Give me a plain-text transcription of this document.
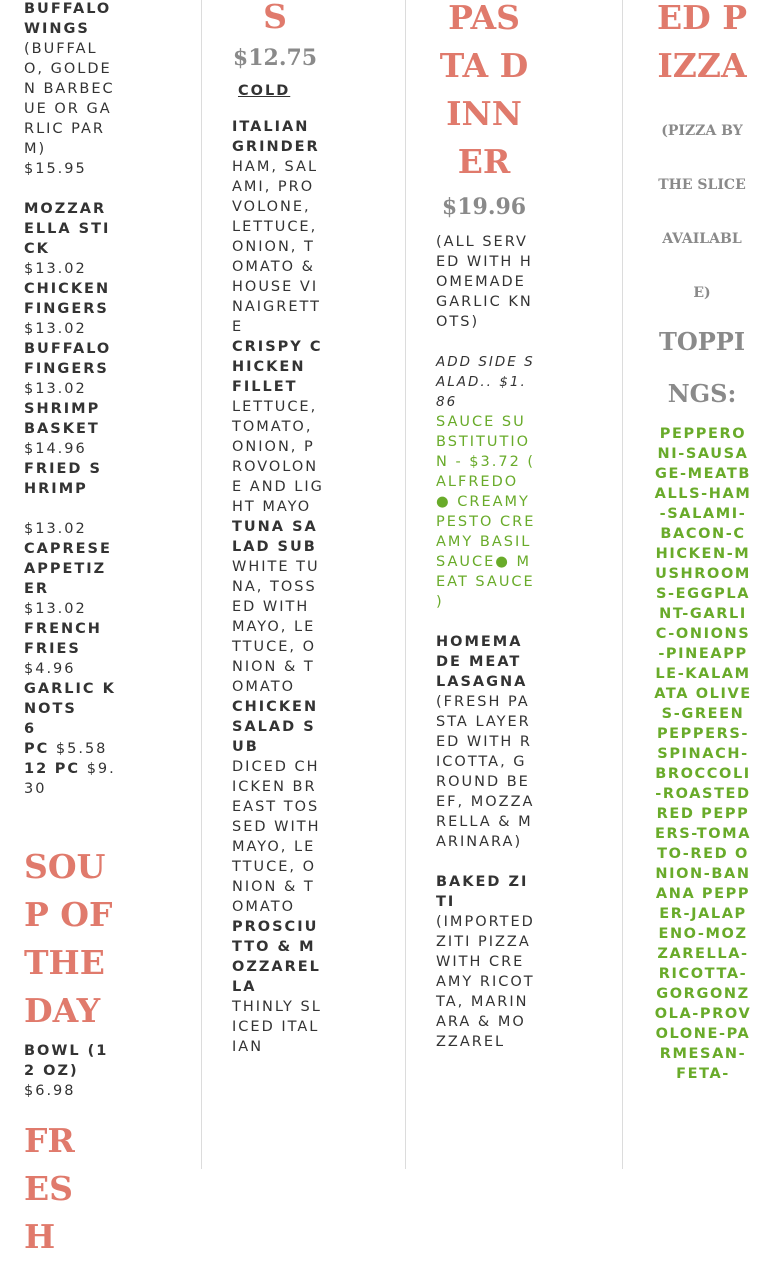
BUFFALO WINGS (BUFFALO, GOLDEN BARBECUE OR GARLIC PARM)
$15.95
MOZZARELLA STICK
$13.02
CHICKEN FINGERS
$13.02
BUFFALO FINGERS
$13.02
SHRIMP BASKET
$14.96
FRIED SHRIMP
$13.02
CAPRESE APPETIZER
$13.02
FRENCH FRIES
$4.96
GARLIC KNOTS
6
PC $5.58 12 PC $9.30
SOUP OF THE DAY
BOWL (12 OZ)
$6.98
FRESH
S
$12.75
COLD
ITALIAN GRINDER
HAM, SALAMI, PROVOLONE, LETTUCE, ONION, TOMATO & HOUSE VINAIGRETTE
CRISPY CHICKEN FILLET
LETTUCE, TOMATO, ONION, PROVOLONE AND LIGHT MAYO
TUNA SALAD SUB
WHITE TUNA, TOSSED WITH MAYO, LETTUCE, ONION & TOMATO
CHICKEN SALAD SUB
DICED CHICKEN BREAST TOSSED WITH MAYO, LETTUCE, ONION & TOMATO
PROSCIUTTO & MOZZARELLA
THINLY SLICED ITALIAN
PASTA DINNER
$19.96
(ALL SERVED WITH HOMEMADE GARLIC KNOTS)
ADD SIDE SALAD.. $1.86
SAUCE SUBSTITUTION - $3.72 ( ALFREDO ● CREAMY PESTO CREAMY BASIL SAUCE● MEAT SAUCE )
HOMEMADE MEAT LASAGNA
(FRESH PASTA LAYERED WITH RICOTTA, GROUND BEEF, MOZZARELLA & MARINARA)
BAKED ZITI
(IMPORTED ZITI PIZZA WITH CREAMY RICOTTA, MARINARA & MOZZAREL
ED PIZZA
(PIZZA BY THE SLICE AVAILABLE)
TOPPINGS:
PEPPERONI-SAUSAGE-MEATBALLS-HAM-SALAMI-BACON-CHICKEN-MUSHROOMS-EGGPLANT-GARLIC-ONIONS-PINEAPPLE-KALAMATA OLIVES-GREEN PEPPERS-SPINACH-BROCCOLI-ROASTED RED PEPPERS-TOMATO-RED ONION-BANANA PEPPER-JALAPENO-MOZZARELLA-RICOTTA-GORGONZOLA-PROVOLONE-PARMESAN-FETA-
